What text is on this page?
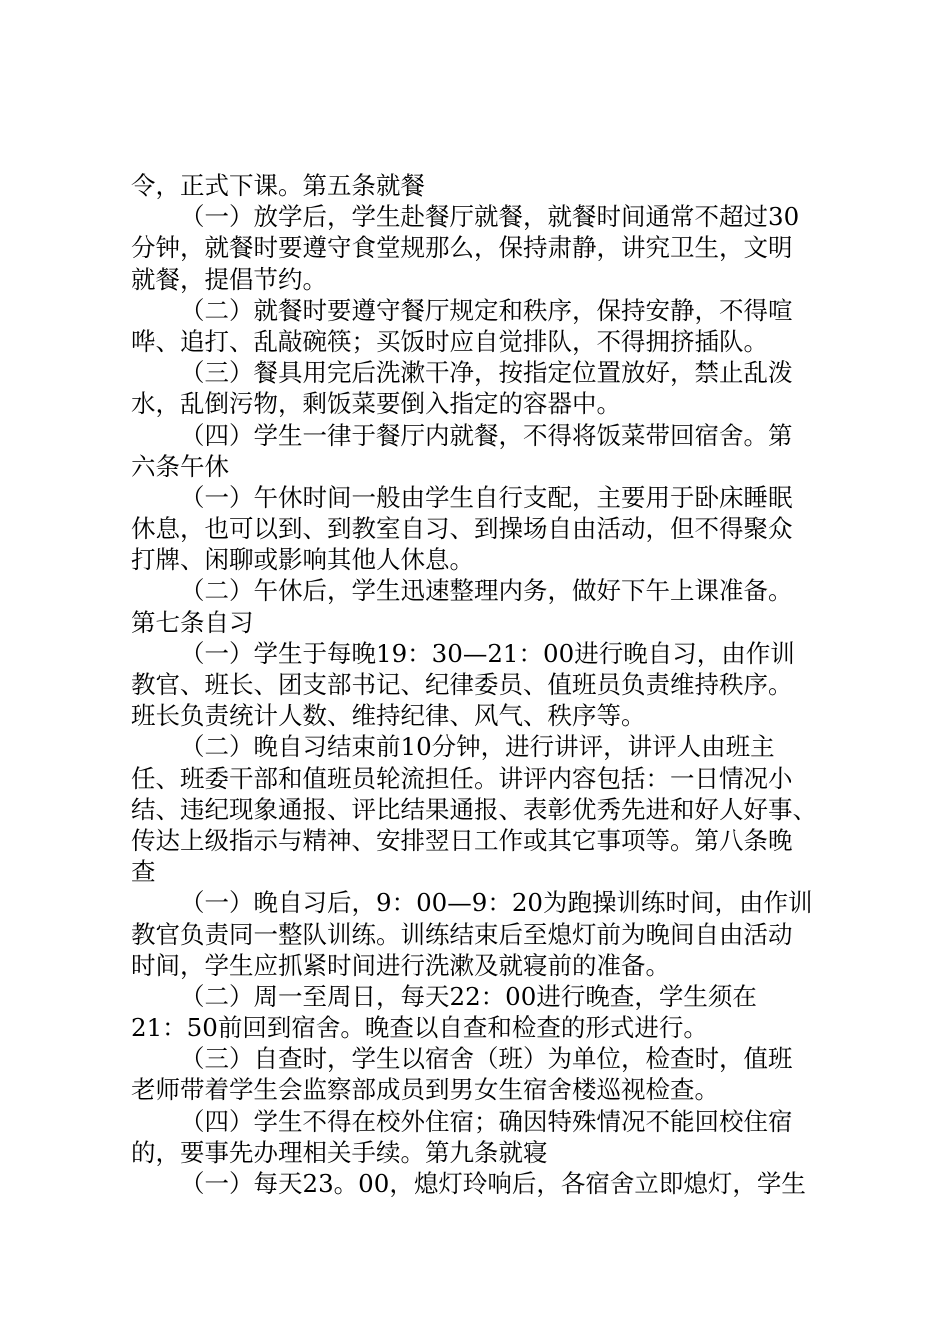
令，正式下课。第五条就餐
（一）放学后，学生赴餐厅就餐，就餐时间通常不超过30
分钟，就餐时要遵守食堂规那么，保持肃静，讲究卫生，文明
就餐，提倡节约。
（二）就餐时要遵守餐厅规定和秩序，保持安静，不得喧
哗、追打、乱敲碗筷；买饭时应自觉排队，不得拥挤插队。
（三）餐具用完后洗漱干净，按指定位置放好，禁止乱泼
水，乱倒污物，剩饭菜要倒入指定的容器中。
（四）学生一律于餐厅内就餐，不得将饭菜带回宿舍。第
六条午休
（一）午休时间一般由学生自行支配，主要用于卧床睡眠
休息，也可以到、到教室自习、到操场自由活动，但不得聚众
打牌、闲聊或影响其他人休息。
（二）午休后，学生迅速整理内务，做好下午上课准备。
第七条自习
（一）学生于每晚19：30—21：00进行晚自习，由作训
教官、班长、团支部书记、纪律委员、值班员负责维持秩序。
班长负责统计人数、维持纪律、风气、秩序等。
（二）晚自习结束前10分钟，进行讲评，讲评人由班主
任、班委干部和值班员轮流担任。讲评内容包括：一日情况小
结、违纪现象通报、评比结果通报、表彰优秀先进和好人好事、
传达上级指示与精神、安排翌日工作或其它事项等。第八条晚
查
（一）晚自习后，9：00—9：20为跑操训练时间，由作训
教官负责同一整队训练。训练结束后至熄灯前为晚间自由活动
时间，学生应抓紧时间进行洗漱及就寝前的准备。
（二）周一至周日，每天22：00进行晚查，学生须在
21：50前回到宿舍。晚查以自查和检查的形式进行。
（三）自查时，学生以宿舍（班）为单位，检查时，值班
老师带着学生会监察部成员到男女生宿舍楼巡视检查。
（四）学生不得在校外住宿；确因特殊情况不能回校住宿
的，要事先办理相关手续。第九条就寝
（一）每天23。00，熄灯玲响后，各宿舍立即熄灯，学生
